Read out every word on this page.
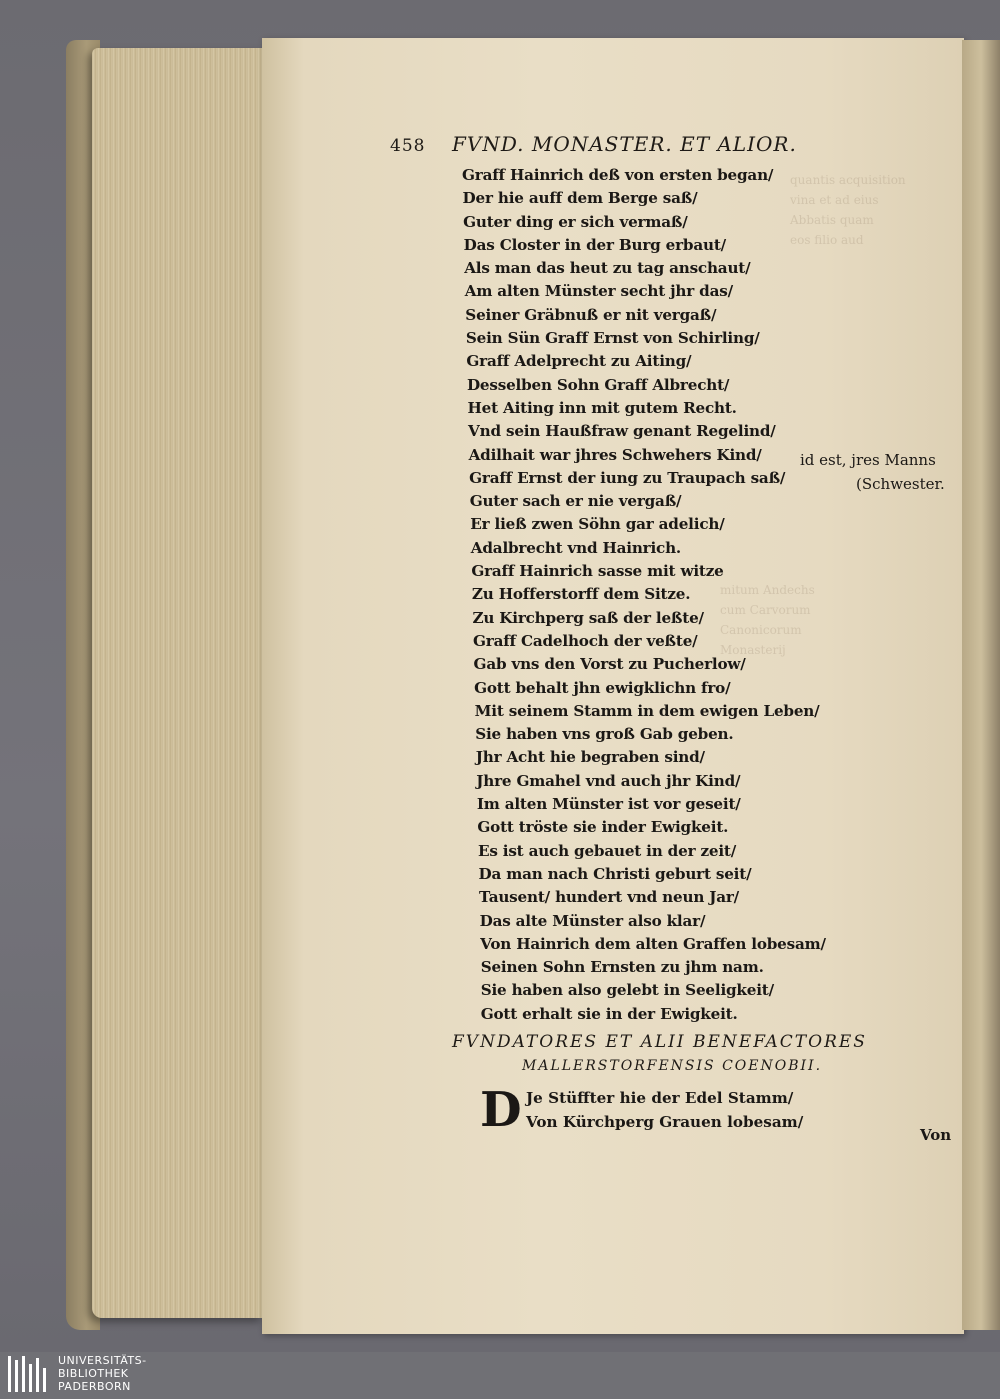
458 FVND. MONASTER. ET ALIOR.
Graff Hainrich deß von ersten began/
Der hie auff dem Berge saß/
Guter ding er sich vermaß/
Das Closter in der Burg erbaut/
Als man das heut zu tag anschaut/
Am alten Münster secht jhr das/
Seiner Gräbnuß er nit vergaß/
Sein Sün Graff Ernst von Schirling/
Graff Adelprecht zu Aiting/
Desselben Sohn Graff Albrecht/
Het Aiting inn mit gutem Recht.
Vnd sein Haußfraw genant Regelind/
Adilhait war jhres Schwehers Kind/
Graff Ernst der iung zu Traupach saß/
Guter sach er nie vergaß/
Er ließ zwen Söhn gar adelich/
Adalbrecht vnd Hainrich.
Graff Hainrich sasse mit witze
Zu Hofferstorff dem Sitze.
Zu Kirchperg saß der leßte/
Graff Cadelhoch der veßte/
Gab vns den Vorst zu Pucherlow/
Gott behalt jhn ewigklichn fro/
Mit seinem Stamm in dem ewigen Leben/
Sie haben vns groß Gab geben.
Jhr Acht hie begraben sind/
Jhre Gmahel vnd auch jhr Kind/
Im alten Münster ist vor geseit/
Gott tröste sie inder Ewigkeit.
Es ist auch gebauet in der zeit/
Da man nach Christi geburt seit/
Tausent/ hundert vnd neun Jar/
Das alte Münster also klar/
Von Hainrich dem alten Graffen lobesam/
Seinen Sohn Ernsten zu jhm nam.
Sie haben also gelebt in Seeligkeit/
Gott erhalt sie in der Ewigkeit.
id est, jres Manns
(Schwester.
FVNDATORES ET ALII BENEFACTORES
MALLERSTORFENSIS COENOBII.
D Je Stüffter hie der Edel Stamm/
Von Kürchperg Grauen lobesam/
Von
UNIVERSITÄTS-
BIBLIOTHEK
PADERBORN
